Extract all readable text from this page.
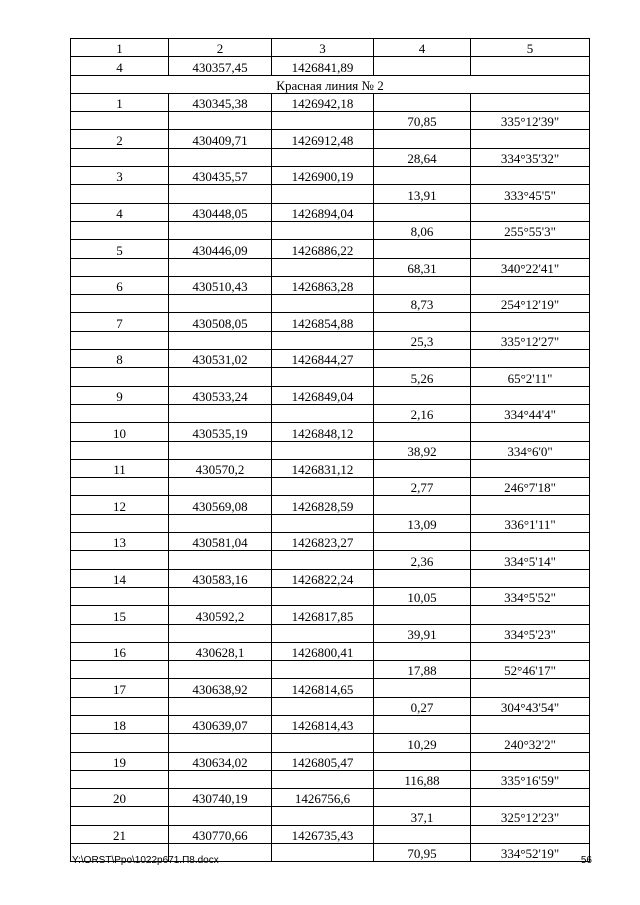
1	2	3	4	5
4	430357,45	1426841,89		
Красная линия № 2				
1	430345,38	1426942,18		
			70,85	335°12'39"
2	430409,71	1426912,48		
			28,64	334°35'32"
3	430435,57	1426900,19		
			13,91	333°45'5"
4	430448,05	1426894,04		
			8,06	255°55'3"
5	430446,09	1426886,22		
			68,31	340°22'41"
6	430510,43	1426863,28		
			8,73	254°12'19"
7	430508,05	1426854,88		
			25,3	335°12'27"
8	430531,02	1426844,27		
			5,26	65°2'11"
9	430533,24	1426849,04		
			2,16	334°44'4"
10	430535,19	1426848,12		
			38,92	334°6'0"
11	430570,2	1426831,12		
			2,77	246°7'18"
12	430569,08	1426828,59		
			13,09	336°1'11"
13	430581,04	1426823,27		
			2,36	334°5'14"
14	430583,16	1426822,24		
			10,05	334°5'52"
15	430592,2	1426817,85		
			39,91	334°5'23"
16	430628,1	1426800,41		
			17,88	52°46'17"
17	430638,92	1426814,65		
			0,27	304°43'54"
18	430639,07	1426814,43		
			10,29	240°32'2"
19	430634,02	1426805,47		
			116,88	335°16'59"
20	430740,19	1426756,6		
			37,1	325°12'23"
21	430770,66	1426735,43		
			70,95	334°52'19"
Y:\ORST\Ppo\1022p671.П8.docx	56
